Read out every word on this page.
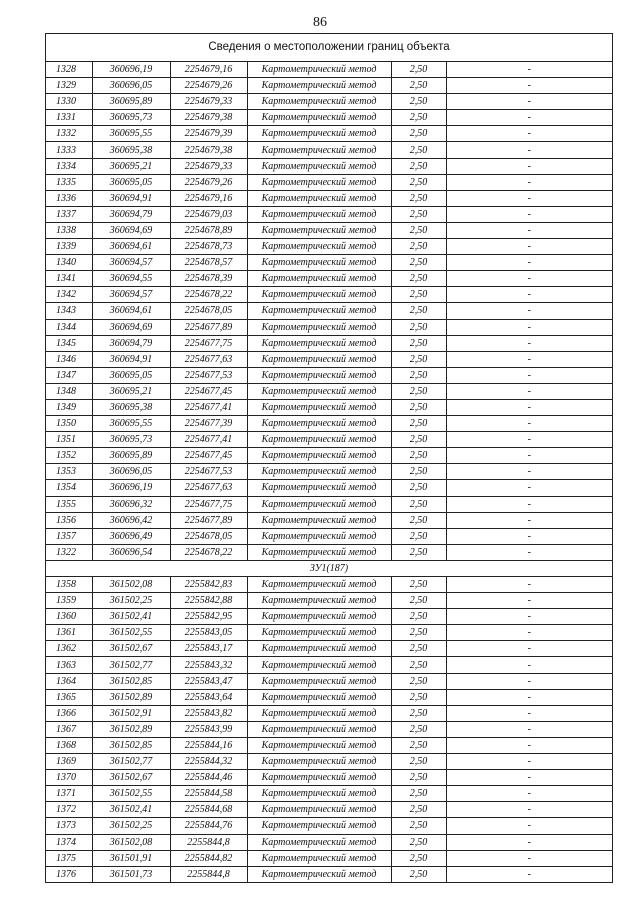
86
Сведения о местоположении границ объекта
1328	360696,19	2254679,16	Картометрический метод	2,50	-
1329	360696,05	2254679,26	Картометрический метод	2,50	-
1330	360695,89	2254679,33	Картометрический метод	2,50	-
1331	360695,73	2254679,38	Картометрический метод	2,50	-
1332	360695,55	2254679,39	Картометрический метод	2,50	-
1333	360695,38	2254679,38	Картометрический метод	2,50	-
1334	360695,21	2254679,33	Картометрический метод	2,50	-
1335	360695,05	2254679,26	Картометрический метод	2,50	-
1336	360694,91	2254679,16	Картометрический метод	2,50	-
1337	360694,79	2254679,03	Картометрический метод	2,50	-
1338	360694,69	2254678,89	Картометрический метод	2,50	-
1339	360694,61	2254678,73	Картометрический метод	2,50	-
1340	360694,57	2254678,57	Картометрический метод	2,50	-
1341	360694,55	2254678,39	Картометрический метод	2,50	-
1342	360694,57	2254678,22	Картометрический метод	2,50	-
1343	360694,61	2254678,05	Картометрический метод	2,50	-
1344	360694,69	2254677,89	Картометрический метод	2,50	-
1345	360694,79	2254677,75	Картометрический метод	2,50	-
1346	360694,91	2254677,63	Картометрический метод	2,50	-
1347	360695,05	2254677,53	Картометрический метод	2,50	-
1348	360695,21	2254677,45	Картометрический метод	2,50	-
1349	360695,38	2254677,41	Картометрический метод	2,50	-
1350	360695,55	2254677,39	Картометрический метод	2,50	-
1351	360695,73	2254677,41	Картометрический метод	2,50	-
1352	360695,89	2254677,45	Картометрический метод	2,50	-
1353	360696,05	2254677,53	Картометрический метод	2,50	-
1354	360696,19	2254677,63	Картометрический метод	2,50	-
1355	360696,32	2254677,75	Картометрический метод	2,50	-
1356	360696,42	2254677,89	Картометрический метод	2,50	-
1357	360696,49	2254678,05	Картометрический метод	2,50	-
1322	360696,54	2254678,22	Картометрический метод	2,50	-
ЗУ1(187)					
1358	361502,08	2255842,83	Картометрический метод	2,50	-
1359	361502,25	2255842,88	Картометрический метод	2,50	-
1360	361502,41	2255842,95	Картометрический метод	2,50	-
1361	361502,55	2255843,05	Картометрический метод	2,50	-
1362	361502,67	2255843,17	Картометрический метод	2,50	-
1363	361502,77	2255843,32	Картометрический метод	2,50	-
1364	361502,85	2255843,47	Картометрический метод	2,50	-
1365	361502,89	2255843,64	Картометрический метод	2,50	-
1366	361502,91	2255843,82	Картометрический метод	2,50	-
1367	361502,89	2255843,99	Картометрический метод	2,50	-
1368	361502,85	2255844,16	Картометрический метод	2,50	-
1369	361502,77	2255844,32	Картометрический метод	2,50	-
1370	361502,67	2255844,46	Картометрический метод	2,50	-
1371	361502,55	2255844,58	Картометрический метод	2,50	-
1372	361502,41	2255844,68	Картометрический метод	2,50	-
1373	361502,25	2255844,76	Картометрический метод	2,50	-
1374	361502,08	2255844,8	Картометрический метод	2,50	-
1375	361501,91	2255844,82	Картометрический метод	2,50	-
1376	361501,73	2255844,8	Картометрический метод	2,50	-
